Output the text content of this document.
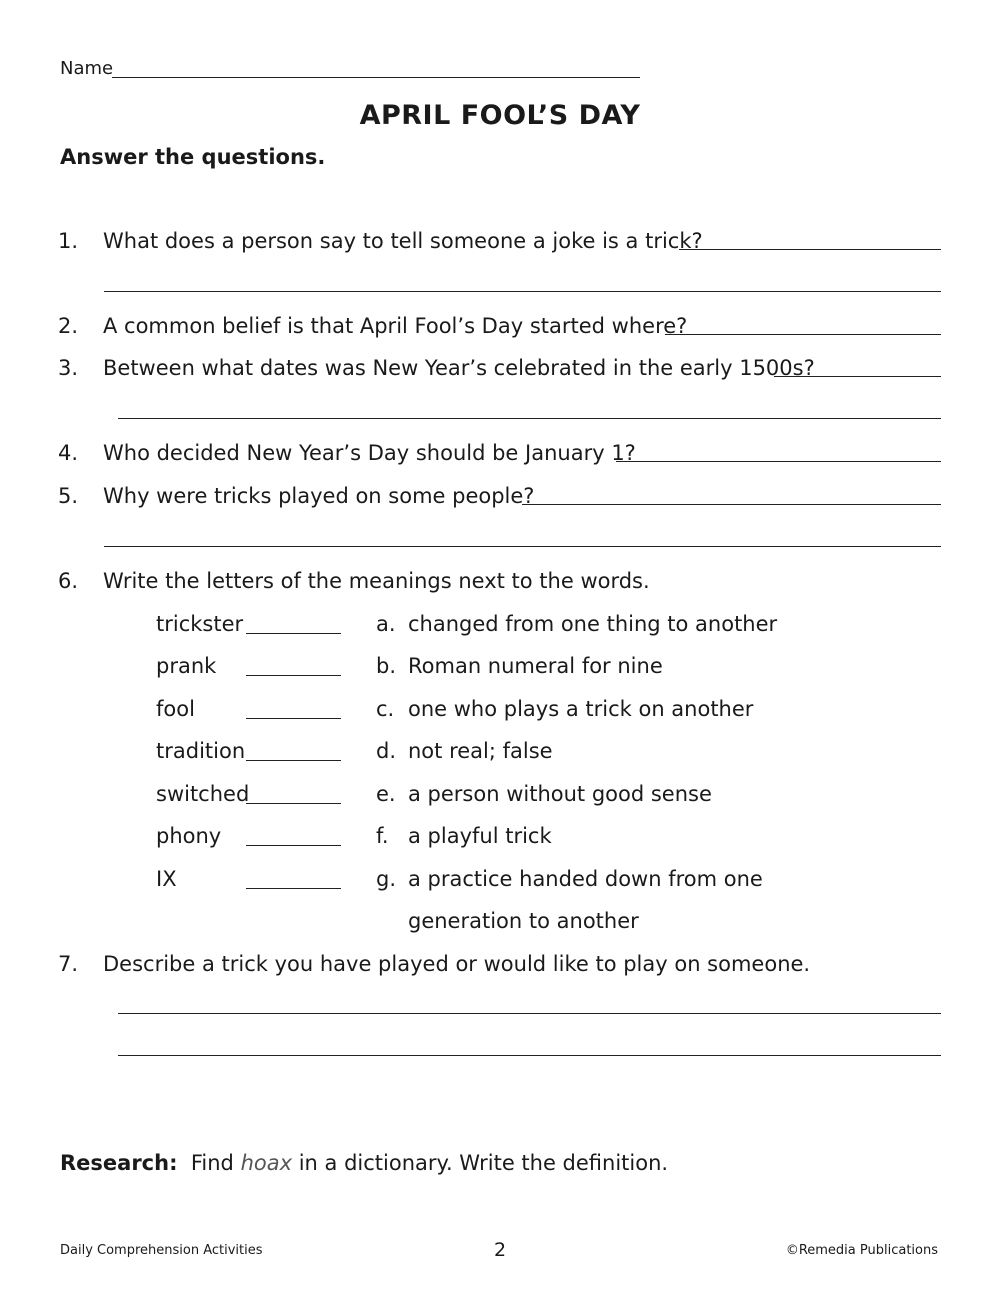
Name
APRIL FOOL’S DAY
Answer the questions.
1. What does a person say to tell someone a joke is a trick?
2. A common belief is that April Fool’s Day started where?
3. Between what dates was New Year’s celebrated in the early 1500s?
4. Who decided New Year’s Day should be January 1?
5. Why were tricks played on some people?
6. Write the letters of the meanings next to the words.
trickster	a. changed from one thing to another
prank	b. Roman numeral for nine
fool	c. one who plays a trick on another
tradition	d. not real; false
switched	e. a person without good sense
phony	f. a playful trick
IX	g. a practice handed down from one
generation to another
7. Describe a trick you have played or would like to play on someone.
Research: Find hoax in a dictionary. Write the definition.
Daily Comprehension Activities	2	©Remedia Publications
